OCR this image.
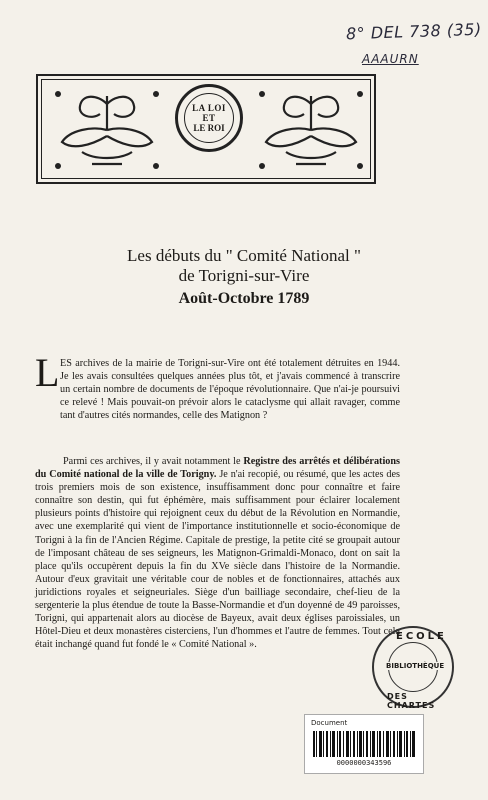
8° DEL 738 (35)
AAAURN
LA LOI
ET
LE ROI
Les débuts du " Comité National "
de Torigni-sur-Vire
Août-Octobre 1789
L ES archives de la mairie de Torigni-sur-Vire ont été totalement détruites en 1944. Je les avais consultées quelques années plus tôt, et j'avais commencé à transcrire un certain nombre de documents de l'époque révolutionnaire. Que n'ai-je poursuivi ce relevé ! Mais pouvait-on prévoir alors le cataclysme qui allait ravager, comme tant d'autres cités normandes, celle des Matignon ?
Parmi ces archives, il y avait notamment le Registre des arrêtés et délibérations du Comité national de la ville de Torigny. Je n'ai recopié, ou résumé, que les actes des trois premiers mois de son existence, insuffisamment donc pour connaître et faire connaître son destin, qui fut éphémère, mais suffisamment pour éclairer localement plusieurs points d'histoire qui rejoignent ceux du début de la Révolution en Normandie, avec une exemplarité qui vient de l'importance institutionnelle et socio-économique de Torigni à la fin de l'Ancien Régime. Capitale de prestige, la petite cité se groupait autour de l'imposant château de ses seigneurs, les Matignon-Grimaldi-Monaco, dont on sait la place qu'ils occupèrent depuis la fin du XVe siècle dans l'histoire de la Normandie. Autour d'eux gravitait une véritable cour de nobles et de fonctionnaires, attachés aux juridictions royales et seigneuriales. Siège d'un bailliage secondaire, chef-lieu de la sergenterie la plus étendue de toute la Basse-Normandie et d'un doyenné de 49 paroisses, Torigni, qui appartenait alors au diocèse de Bayeux, avait deux églises paroissiales, un Hôtel-Dieu et deux monastères cisterciens, l'un d'hommes et l'autre de femmes. Tout cela était inchangé quand fut fondé le « Comité National ».
ECOLE
BIBLIOTHÈQUE
DES CHARTES
Document
0000000343596
